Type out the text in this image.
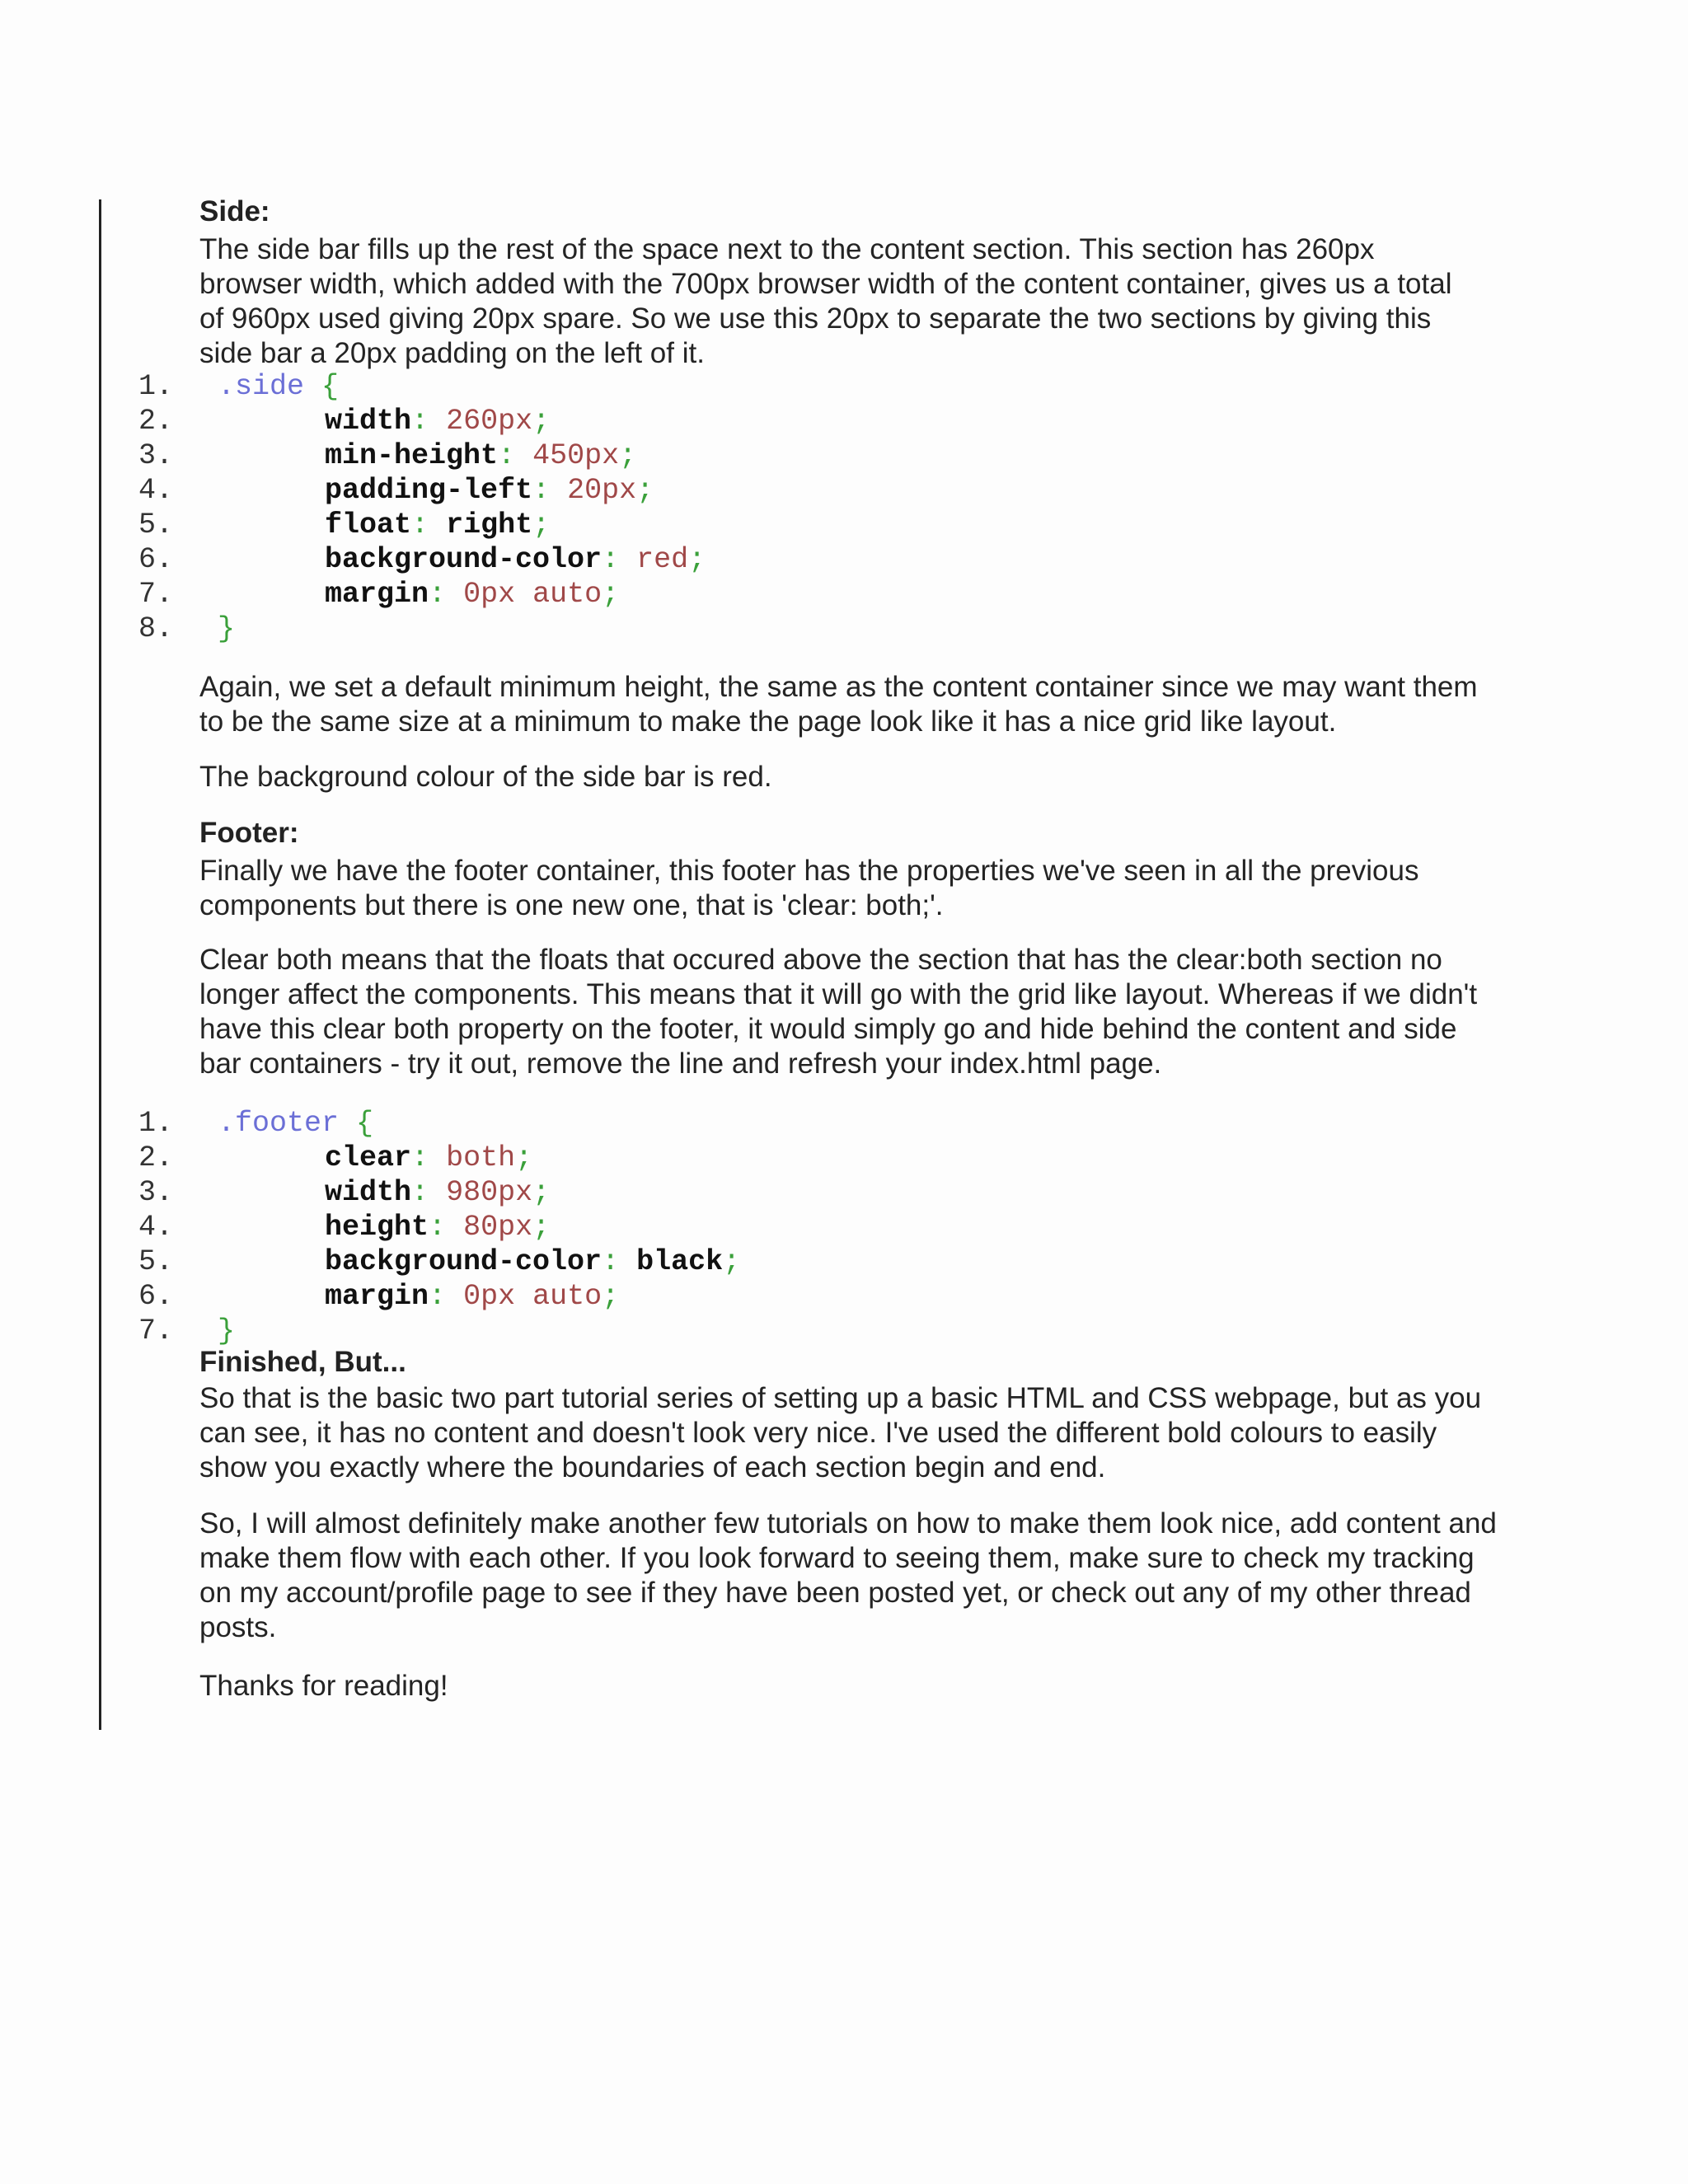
Side:

The side bar fills up the rest of the space next to the content section. This section has 260px browser width, which added with the 700px browser width of the content container, gives us a total of 960px used giving 20px spare. So we use this 20px to separate the two sections by giving this side bar a 20px padding on the left of it.

1. .side {
2.	width: 260px;
3.	min-height: 450px;
4.	padding-left: 20px;
5.	float: right;
6.	background-color: red;
7.	margin: 0px auto;
8. }

Again, we set a default minimum height, the same as the content container since we may want them to be the same size at a minimum to make the page look like it has a nice grid like layout.

The background colour of the side bar is red.

Footer:

Finally we have the footer container, this footer has the properties we've seen in all the previous components but there is one new one, that is 'clear: both;'.

Clear both means that the floats that occured above the section that has the clear:both section no longer affect the components. This means that it will go with the grid like layout. Whereas if we didn't have this clear both property on the footer, it would simply go and hide behind the content and side bar containers - try it out, remove the line and refresh your index.html page.

1. .footer {
2.	clear: both;
3.	width: 980px;
4.	height: 80px;
5.	background-color: black;
6.	margin: 0px auto;
7. }
Finished, But...

So that is the basic two part tutorial series of setting up a basic HTML and CSS webpage, but as you can see, it has no content and doesn't look very nice. I've used the different bold colours to easily show you exactly where the boundaries of each section begin and end.

So, I will almost definitely make another few tutorials on how to make them look nice, add content and make them flow with each other. If you look forward to seeing them, make sure to check my tracking on my account/profile page to see if they have been posted yet, or check out any of my other thread posts.

Thanks for reading!
